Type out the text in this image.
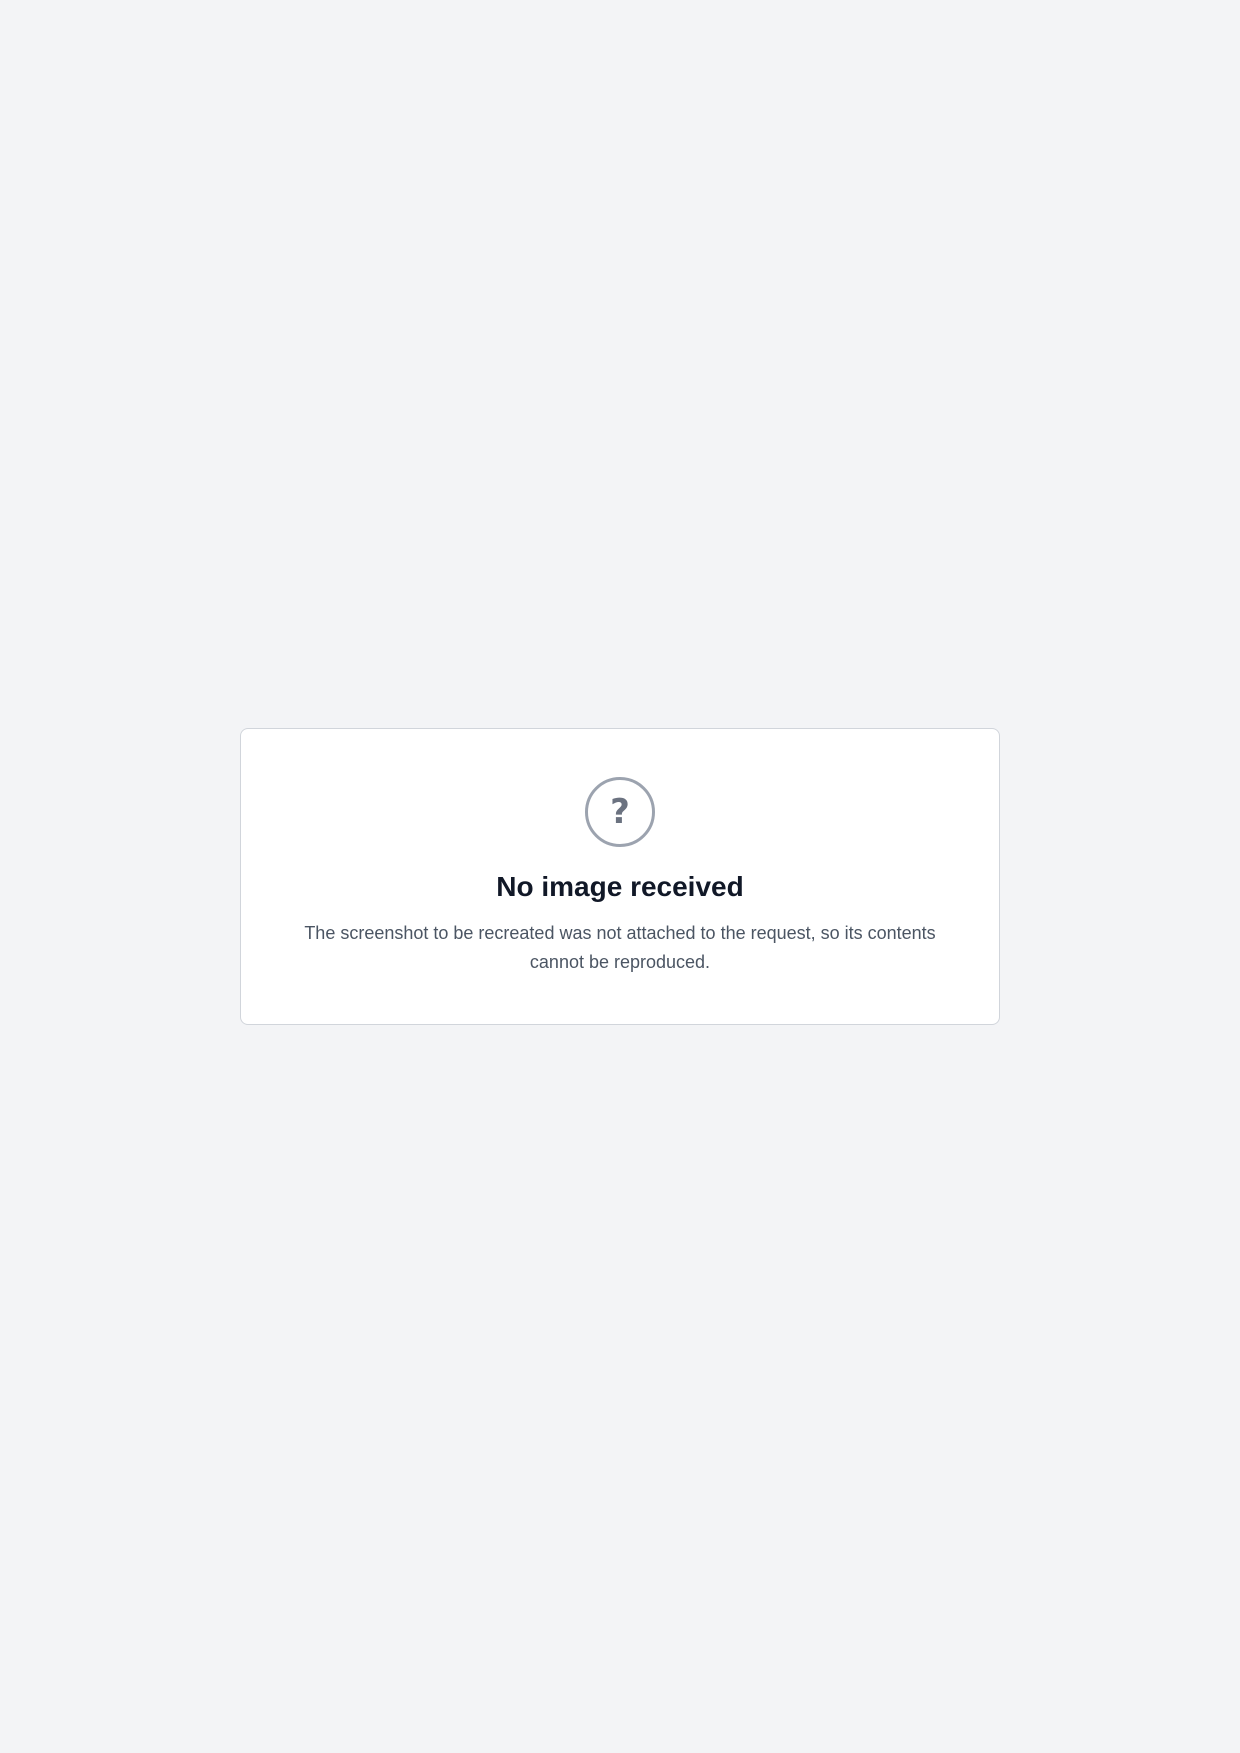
?
No image received

The screenshot to be recreated was not attached to the request, so its contents cannot be reproduced.
